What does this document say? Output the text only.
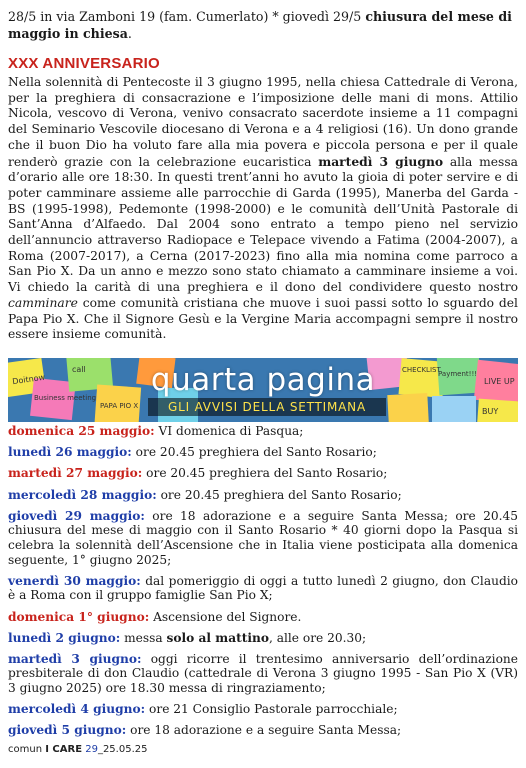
28/5 in via Zamboni 19 (fam. Cumerlato) * giovedì 29/5 chiusura del mese di maggio in chiesa.
XXX ANNIVERSARIO
Nella solennità di Pentecoste il 3 giugno 1995, nella chiesa Cattedrale di Verona, per la preghiera di consacrazione e l’imposizione delle mani di mons. Attilio Nicola, vescovo di Verona, venivo consacrato sacerdote insieme a 11 compagni del Seminario Vescovile diocesano di Verona e a 4 religiosi (16). Un dono grande che il buon Dio ha voluto fare alla mia povera e piccola persona e per il quale renderò grazie con la celebrazione eucaristica martedì 3 giugno alla messa d’orario alle ore 18:30. In questi trent’anni ho avuto la gioia di poter servire e di poter camminare assieme alle parrocchie di Garda (1995), Manerba del Garda - BS (1995-1998), Pedemonte (1998-2000) e le comunità dell’Unità Pastorale di Sant’Anna d’Alfaedo. Dal 2004 sono entrato a tempo pieno nel servizio dell’annuncio attraverso Radiopace e Telepace vivendo a Fatima (2004-2007), a Roma (2007-2017), a Cerna (2017-2023) fino alla mia nomina come parroco a San Pio X. Da un anno e mezzo sono stato chiamato a camminare insieme a voi. Vi chiedo la carità di una preghiera e il dono del condividere questo nostro camminare come comunità cristiana che muove i suoi passi sotto lo sguardo del Papa Pio X. Che il Signore Gesù e la Vergine Maria accompagni sempre il nostro essere insieme comunità.
Doitnow
Business meeting
PAPA PIO X
call	CHECKLIST
Payment!!!
LIVE UP
BUY
quarta pagina
GLI AVVISI DELLA SETTIMANA
domenica 25 maggio: VI domenica di Pasqua;
lunedì 26 maggio: ore 20.45 preghiera del Santo Rosario;
martedì 27 maggio: ore 20.45 preghiera del Santo Rosario;
mercoledì 28 maggio: ore 20.45 preghiera del Santo Rosario;
giovedì 29 maggio: ore 18 adorazione e a seguire Santa Messa; ore 20.45 chiusura del mese di maggio con il Santo Rosario * 40 giorni dopo la Pasqua si celebra la solennità dell’Ascensione che in Italia viene posticipata alla domenica seguente, 1° giugno 2025;
venerdì 30 maggio: dal pomeriggio di oggi a tutto lunedì 2 giugno, don Claudio è a Roma con il gruppo famiglie San Pio X;
domenica 1° giugno: Ascensione del Signore.
lunedì 2 giugno: messa solo al mattino, alle ore 20.30;
martedì 3 giugno: oggi ricorre il trentesimo anniversario dell’ordinazione presbiterale di don Claudio (cattedrale di Verona 3 giugno 1995 - San Pio X (VR) 3 giugno 2025) ore 18.30 messa di ringraziamento;
mercoledì 4 giugno: ore 21 Consiglio Pastorale parrocchiale;
giovedì 5 giugno: ore 18 adorazione e a seguire Santa Messa;
comun I CARE 29_25.05.25
